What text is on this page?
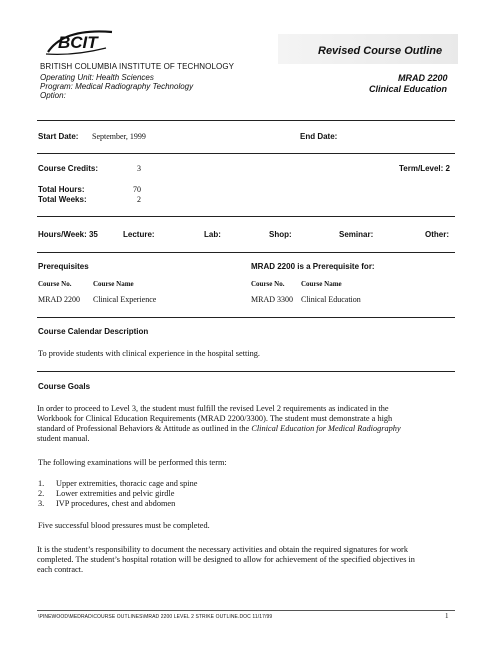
BCIT
BRITISH COLUMBIA INSTITUTE OF TECHNOLOGY
Operating Unit: Health Sciences
Program: Medical Radiography Technology
Option:
Revised Course Outline
MRAD 2200
Clinical Education
Start Date: September, 1999	End Date:
Course Credits:	3	Term/Level: 2
Total Hours:	70
Total Weeks:	2
Hours/Week: 35	Lecture:	Lab:	Shop:	Seminar:	Other:
Prerequisites	MRAD 2200 is a Prerequisite for:
Course No.	Course Name	Course No. Course Name
MRAD 2200 Clinical Experience	MRAD 3300 Clinical Education
Course Calendar Description
To provide students with clinical experience in the hospital setting.
Course Goals
In order to proceed to Level 3, the student must fulfill the revised Level 2 requirements as indicated in the
Workbook for Clinical Education Requirements (MRAD 2200/3300). The student must demonstrate a high
standard of Professional Behaviors & Attitude as outlined in the Clinical Education for Medical Radiography
student manual.
The following examinations will be performed this term:
1. Upper extremities, thoracic cage and spine
2. Lower extremities and pelvic girdle
3. IVP procedures, chest and abdomen
Five successful blood pressures must be completed.
It is the student’s responsibility to document the necessary activities and obtain the required signatures for work
completed. The student’s hospital rotation will be designed to allow for achievement of the specified objectives in
each contract.
\PINEWOOD\MEDRAD\COURSE OUTLINES\MRAD 2200 LEVEL 2 STRIKE OUTLINE.DOC 11/17/99	1
